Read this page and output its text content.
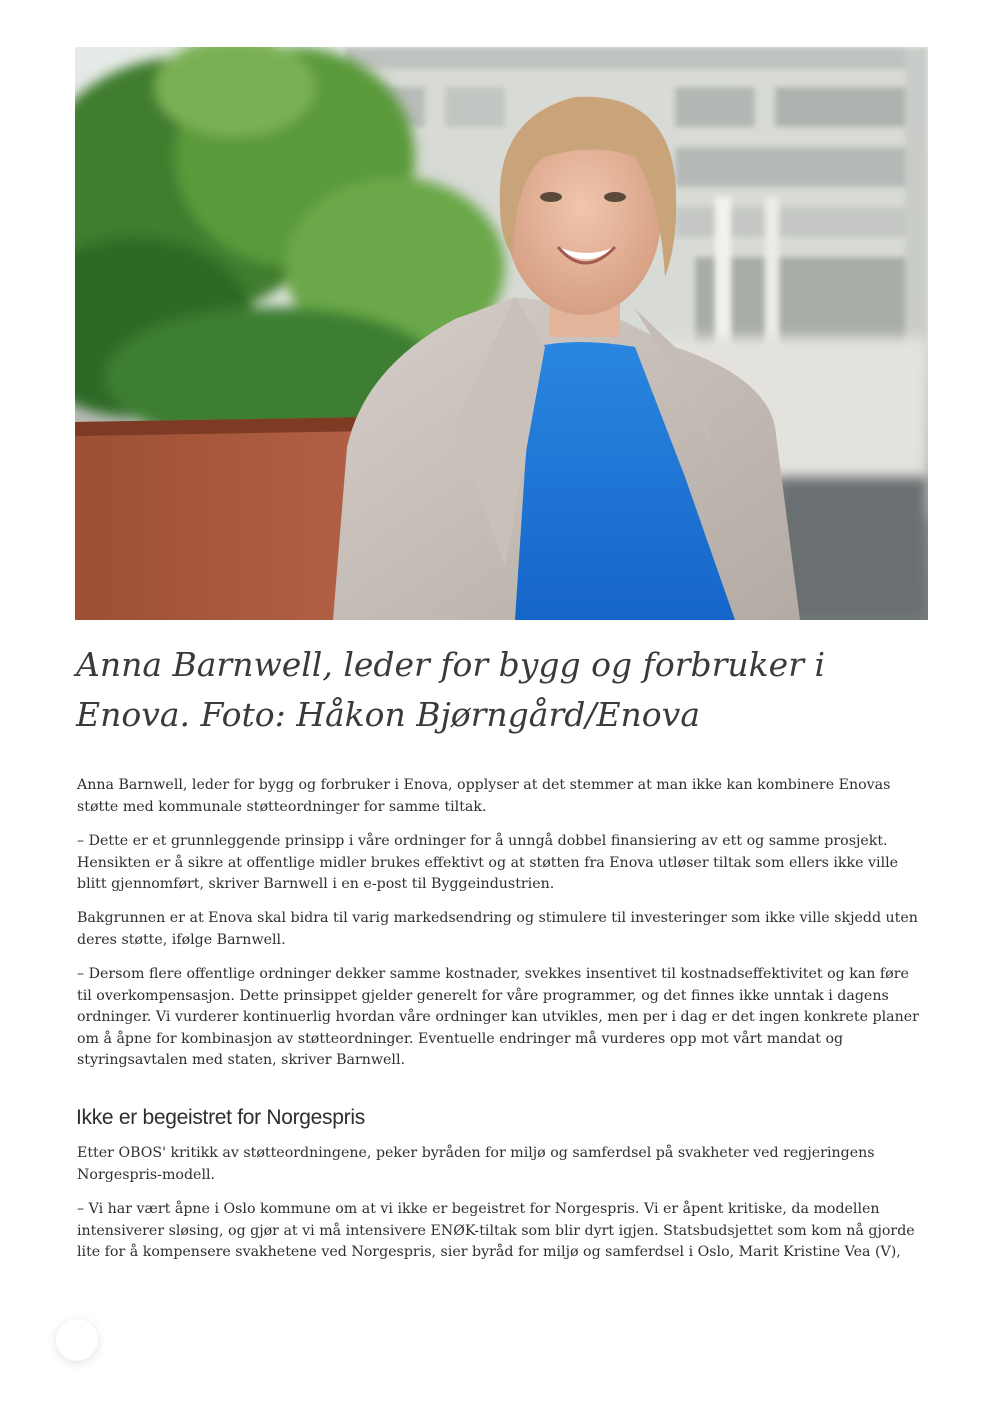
Anna Barnwell, leder for bygg og forbruker i Enova. Foto: Håkon Bjørngård/Enova

Anna Barnwell, leder for bygg og forbruker i Enova, opplyser at det stemmer at man ikke kan kombinere Enovas støtte med kommunale støtteordninger for samme tiltak.

– Dette er et grunnleggende prinsipp i våre ordninger for å unngå dobbel finansiering av ett og samme prosjekt. Hensikten er å sikre at offentlige midler brukes effektivt og at støtten fra Enova utløser tiltak som ellers ikke ville blitt gjennomført, skriver Barnwell i en e-post til Byggeindustrien.

Bakgrunnen er at Enova skal bidra til varig markedsendring og stimulere til investeringer som ikke ville skjedd uten deres støtte, ifølge Barnwell.

– Dersom flere offentlige ordninger dekker samme kostnader, svekkes insentivet til kostnadseffektivitet og kan føre til overkompensasjon. Dette prinsippet gjelder generelt for våre programmer, og det finnes ikke unntak i dagens ordninger. Vi vurderer kontinuerlig hvordan våre ordninger kan utvikles, men per i dag er det ingen konkrete planer om å åpne for kombinasjon av støtteordninger. Eventuelle endringer må vurderes opp mot vårt mandat og styringsavtalen med staten, skriver Barnwell.

Ikke er begeistret for Norgespris

Etter OBOS' kritikk av støtteordningene, peker byråden for miljø og samferdsel på svakheter ved regjeringens Norgespris-modell.

– Vi har vært åpne i Oslo kommune om at vi ikke er begeistret for Norgespris. Vi er åpent kritiske, da modellen intensiverer sløsing, og gjør at vi må intensivere ENØK-tiltak som blir dyrt igjen. Statsbudsjettet som kom nå gjorde lite for å kompensere svakhetene ved Norgespris, sier byråd for miljø og samferdsel i Oslo, Marit Kristine Vea (V),
